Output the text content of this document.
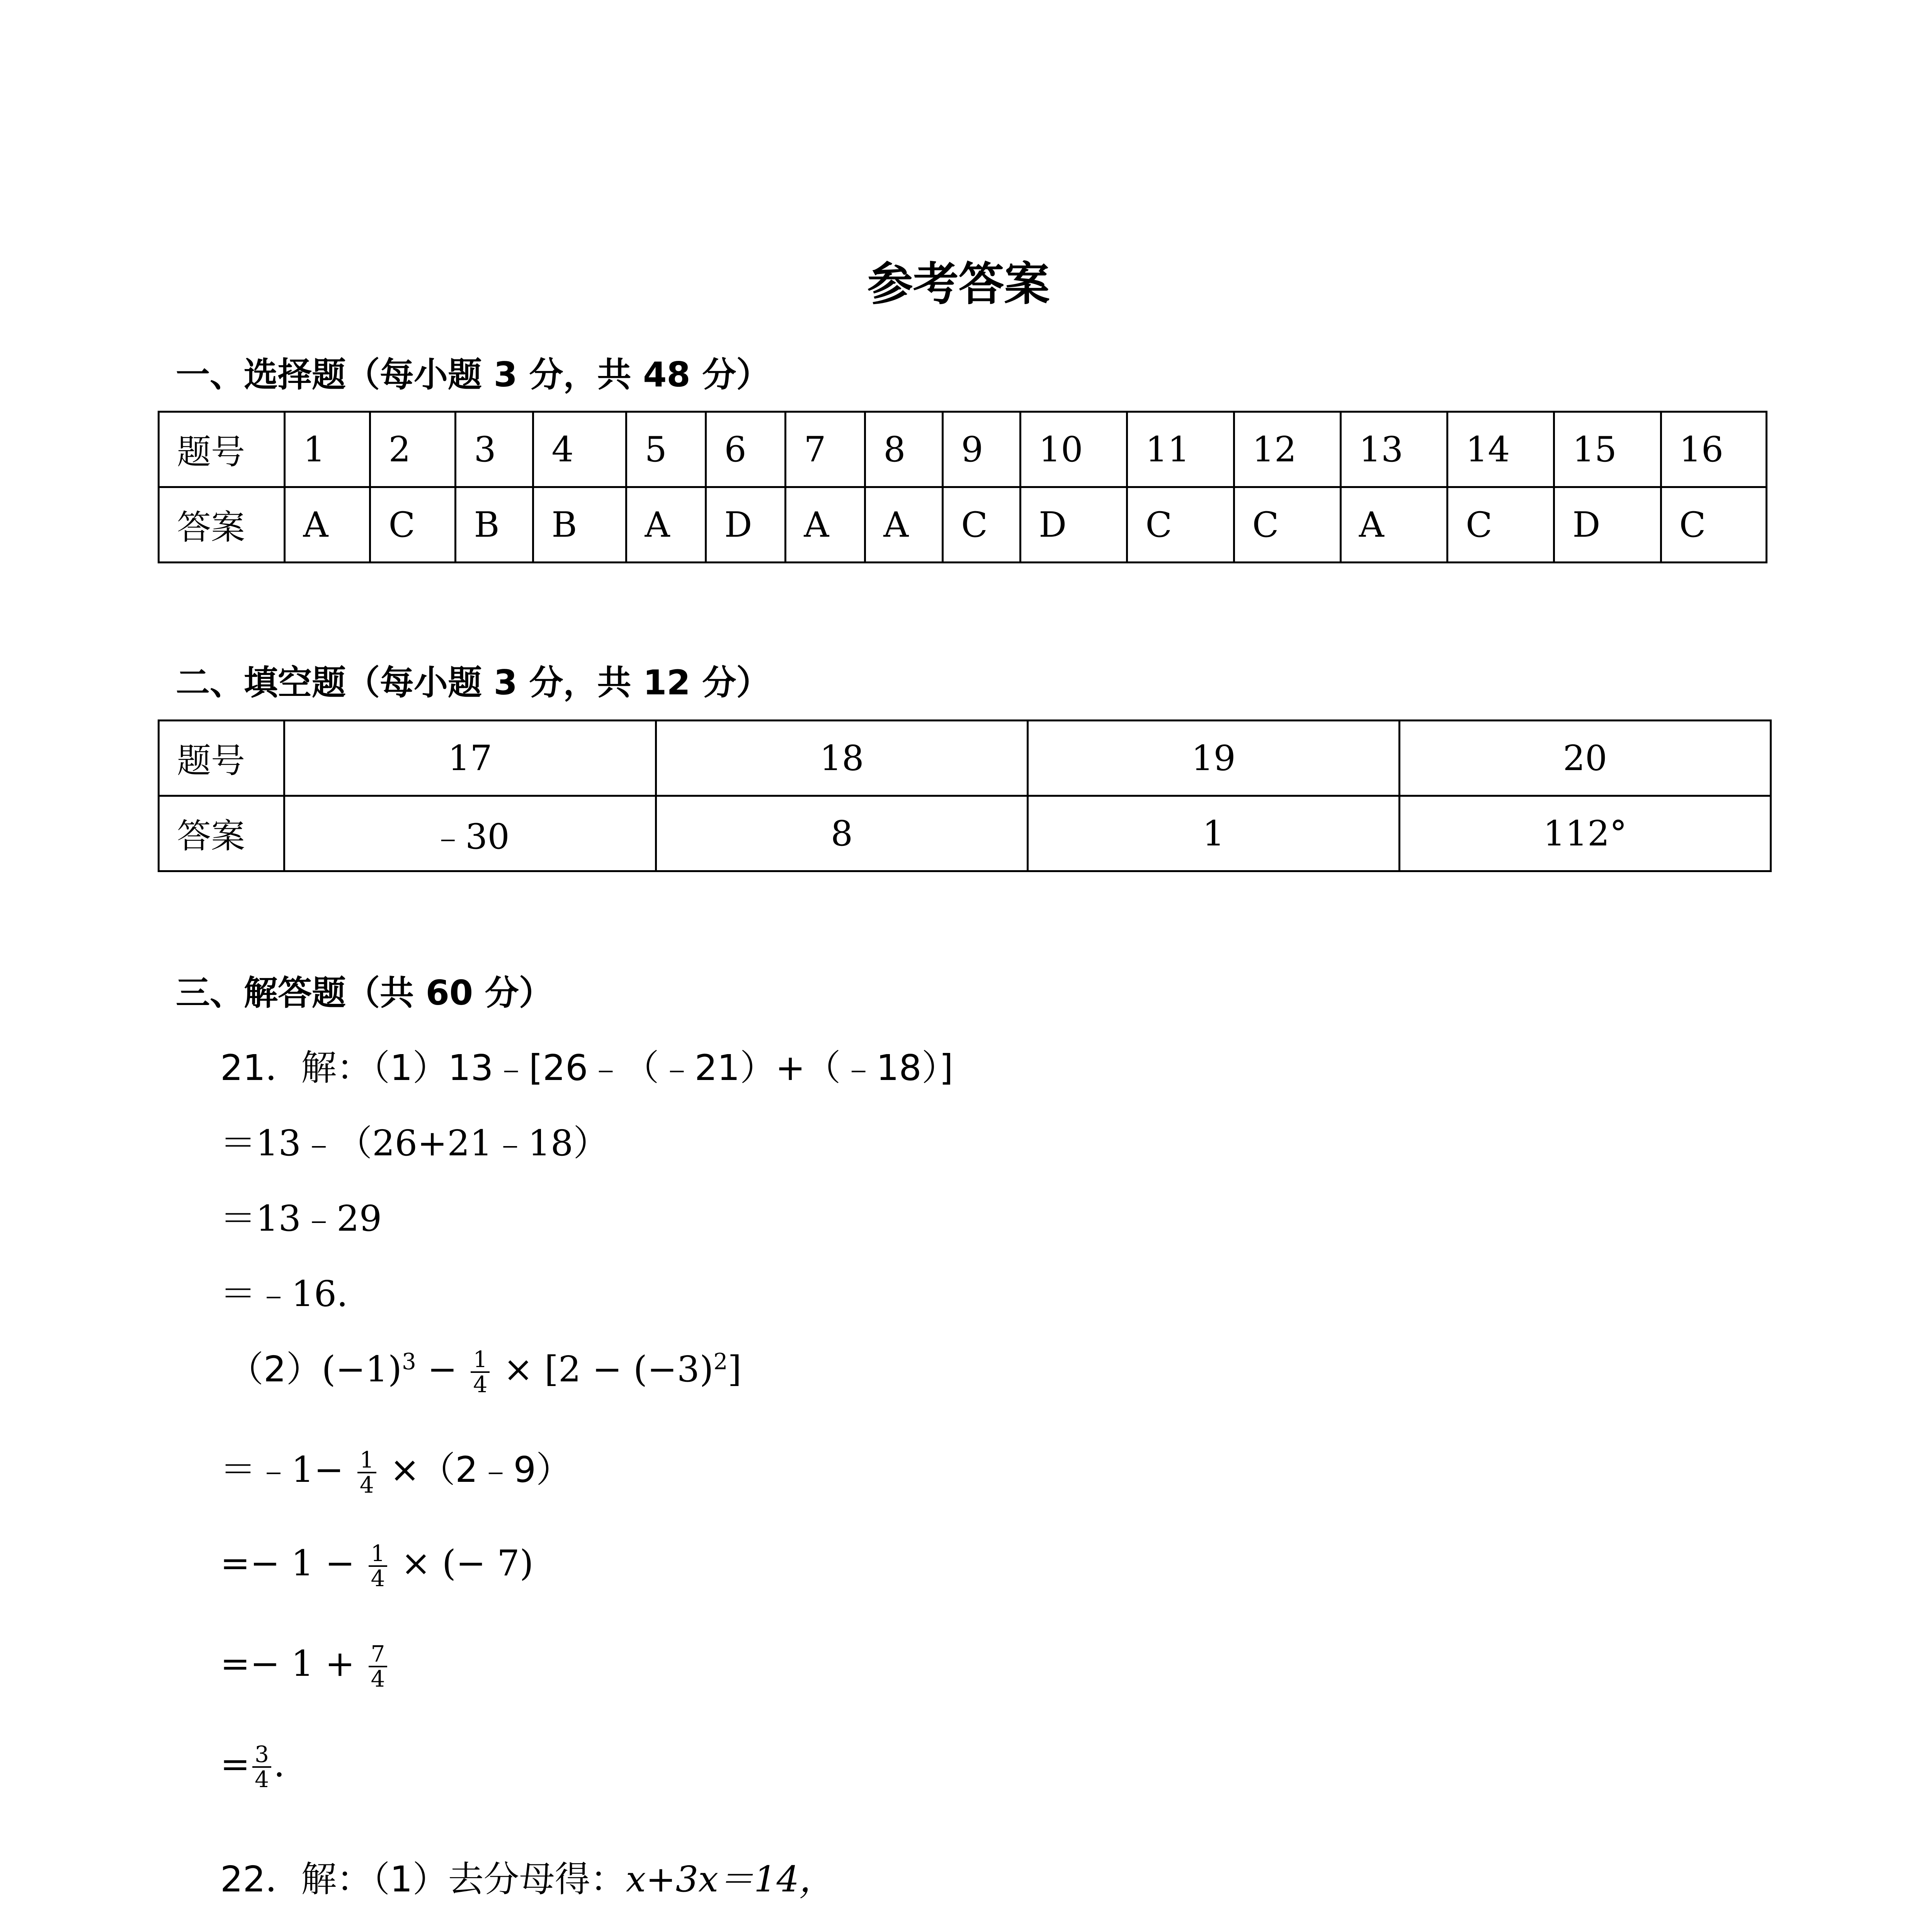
参考答案
一、选择题（每小题 3 分，共 48 分）
题号	1	2	3	4	5	6	7	8	9	10	11	12	13	14	15	16
答案	A	C	B	B	A	D	A	A	C	D	C	C	A	C	D	C
二、填空题（每小题 3 分，共 12 分）
题号	17	18	19	20
答案	﹣30	8	1	112°
三、解答题（共 60 分）
21．解：（1）13﹣[26﹣（﹣21）+（﹣18）]
＝13﹣（26+21﹣18）
＝13﹣29
＝﹣16.
$(2)(-1)^3 - \frac{1}{4} \times [2 - (-3)^2]$
＝﹣1− $\frac{1}{4}$ ×（2﹣9）
=− $1 - \frac{1}{4}$ × (− 7)
=− $1 + \frac{7}{4}$
= $\frac{3}{4}$ .
22．解：（1）去分母得：x+3x＝14，
